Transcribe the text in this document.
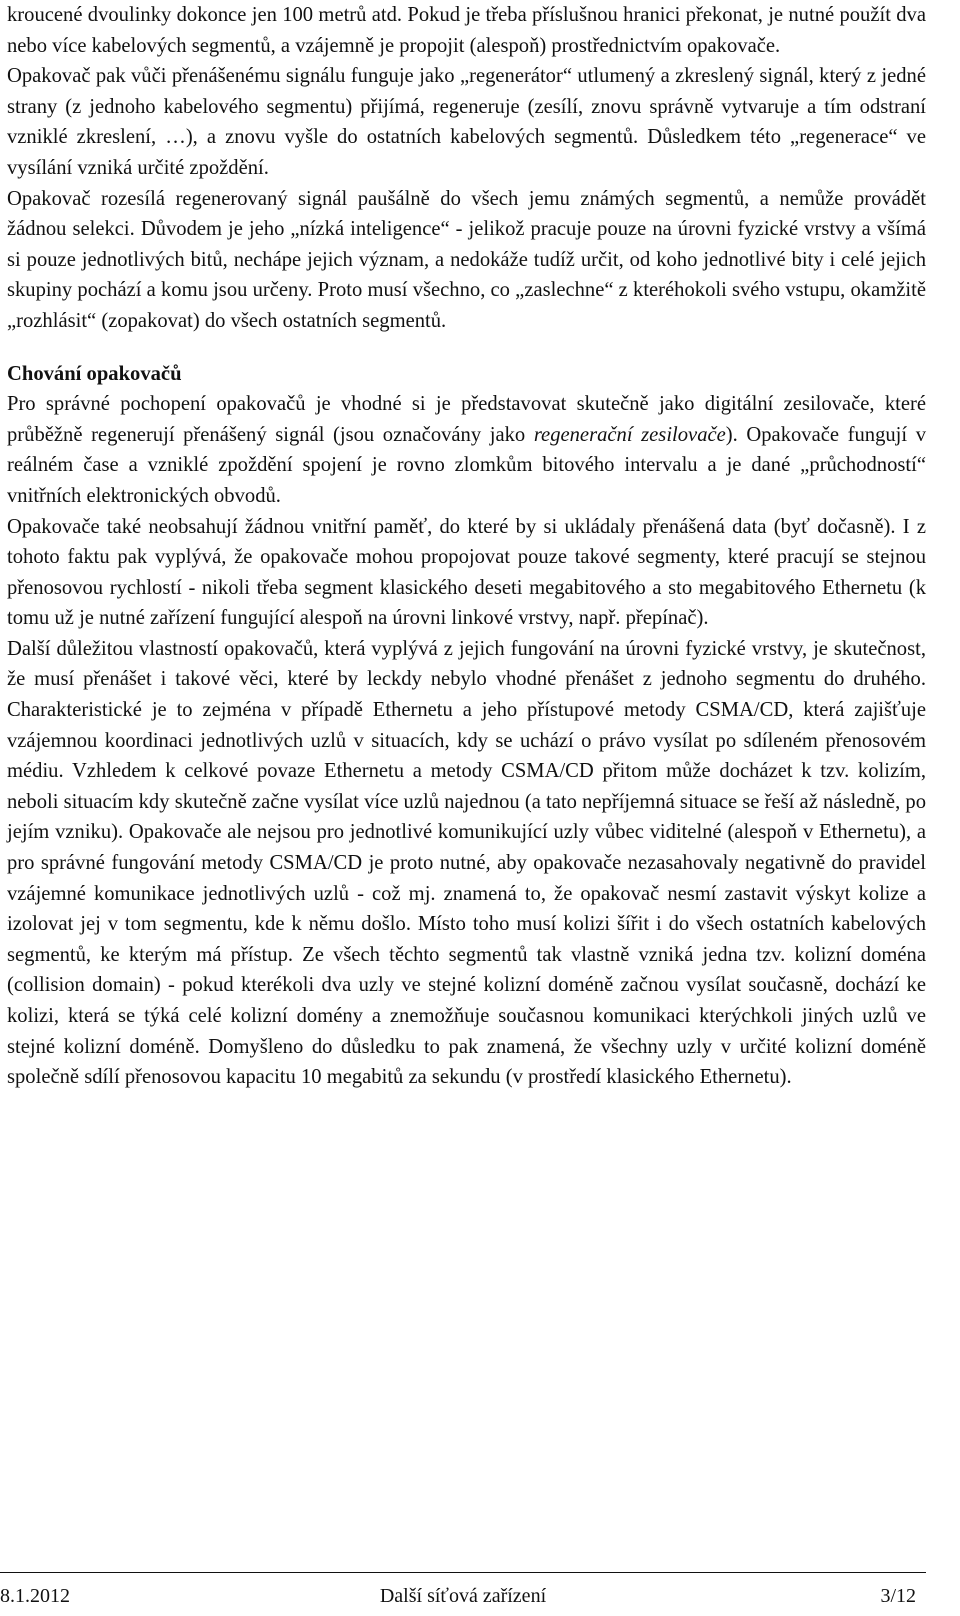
kroucené dvoulinky dokonce jen 100 metrů atd. Pokud je třeba příslušnou hranici překonat, je nutné použít dva nebo více kabelových segmentů, a vzájemně je propojit (alespoň) prostřednictvím opakovače.

Opakovač pak vůči přenášenému signálu funguje jako „regenerátor“ utlumený a zkreslený signál, který z jedné strany (z jednoho kabelového segmentu) přijímá, regeneruje (zesílí, znovu správně vytvaruje a tím odstraní vzniklé zkreslení, …), a znovu vyšle do ostatních kabelových segmentů. Důsledkem této „regenerace“ ve vysílání vzniká určité zpoždění.

Opakovač rozesílá regenerovaný signál paušálně do všech jemu známých segmentů, a nemůže provádět žádnou selekci. Důvodem je jeho „nízká inteligence“ - jelikož pracuje pouze na úrovni fyzické vrstvy a všímá si pouze jednotlivých bitů, nechápe jejich význam, a nedokáže tudíž určit, od koho jednotlivé bity i celé jejich skupiny pochází a komu jsou určeny. Proto musí všechno, co „zaslechne“ z kteréhokoli svého vstupu, okamžitě „rozhlásit“ (zopakovat) do všech ostatních segmentů.

Chování opakovačů

Pro správné pochopení opakovačů je vhodné si je představovat skutečně jako digitální zesilovače, které průběžně regenerují přenášený signál (jsou označovány jako regenerační zesilovače). Opakovače fungují v reálném čase a vzniklé zpoždění spojení je rovno zlomkům bitového intervalu a je dané „průchodností“ vnitřních elektronických obvodů.

Opakovače také neobsahují žádnou vnitřní paměť, do které by si ukládaly přenášená data (byť dočasně). I z tohoto faktu pak vyplývá, že opakovače mohou propojovat pouze takové segmenty, které pracují se stejnou přenosovou rychlostí - nikoli třeba segment klasického deseti megabitového a sto megabitového Ethernetu (k tomu už je nutné zařízení fungující alespoň na úrovni linkové vrstvy, např. přepínač).

Další důležitou vlastností opakovačů, která vyplývá z jejich fungování na úrovni fyzické vrstvy, je skutečnost, že musí přenášet i takové věci, které by leckdy nebylo vhodné přenášet z jednoho segmentu do druhého. Charakteristické je to zejména v případě Ethernetu a jeho přístupové metody CSMA/CD, která zajišťuje vzájemnou koordinaci jednotlivých uzlů v situacích, kdy se uchází o právo vysílat po sdíleném přenosovém médiu. Vzhledem k celkové povaze Ethernetu a metody CSMA/CD přitom může docházet k tzv. kolizím, neboli situacím kdy skutečně začne vysílat více uzlů najednou (a tato nepříjemná situace se řeší až následně, po jejím vzniku). Opakovače ale nejsou pro jednotlivé komunikující uzly vůbec viditelné (alespoň v Ethernetu), a pro správné fungování metody CSMA/CD je proto nutné, aby opakovače nezasahovaly negativně do pravidel vzájemné komunikace jednotlivých uzlů - což mj. znamená to, že opakovač nesmí zastavit výskyt kolize a izolovat jej v tom segmentu, kde k němu došlo. Místo toho musí kolizi šířit i do všech ostatních kabelových segmentů, ke kterým má přístup. Ze všech těchto segmentů tak vlastně vzniká jedna tzv. kolizní doména (collision domain) - pokud kterékoli dva uzly ve stejné kolizní doméně začnou vysílat současně, dochází ke kolizi, která se týká celé kolizní domény a znemožňuje současnou komunikaci kterýchkoli jiných uzlů ve stejné kolizní doméně. Domyšleno do důsledku to pak znamená, že všechny uzly v určité kolizní doméně společně sdílí přenosovou kapacitu 10 megabitů za sekundu (v prostředí klasického Ethernetu).

8.1.2012	Další síťová zařízení	3/12
